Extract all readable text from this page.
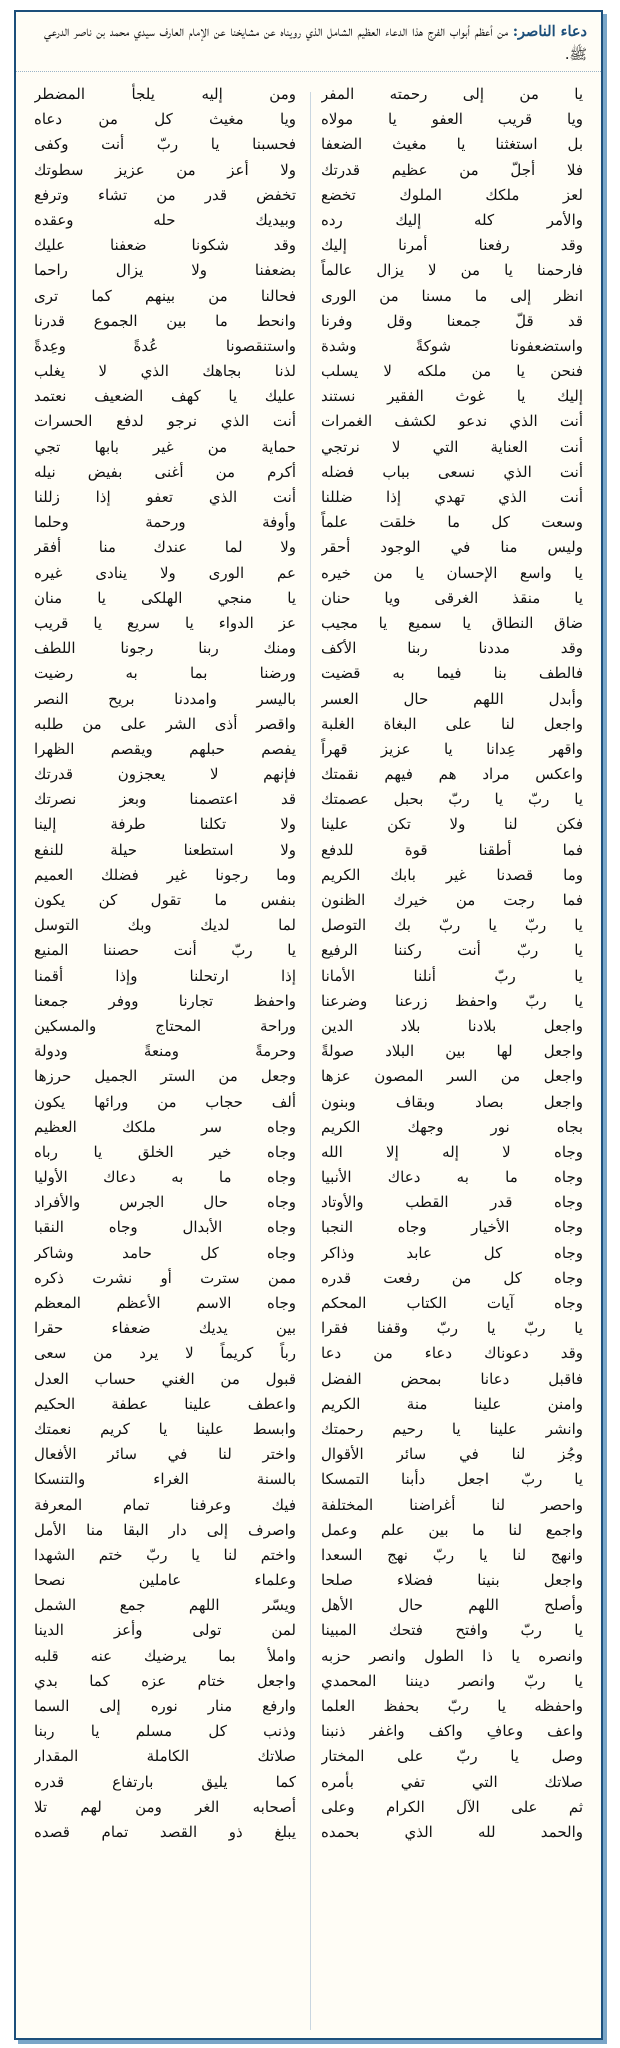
دعاء الناصر: من أعظم أبواب الفرج هذا الدعاء العظيم الشامل الذي رويناه عن مشايخنا عن الإمام العارف سيدي محمد بن ناصر الدرعي ﷺ.
يا من إلى رحمته المفر
ويا قريب العفو يا مولاه
بل استغثنا يا مغيث الضعفا
فلا أجلّ من عظيم قدرتك
لعز ملكك الملوك تخضع
والأمر كله إليك رده
وقد رفعنا أمرنا إليك
فارحمنا يا من لا يزال عالماً
انظر إلى ما مسنا من الورى
قد قلّ جمعنا وقل وفرنا
واستضعفونا شوكةً وشدة
فنحن يا من ملكه لا يسلب
إليك يا غوث الفقير نستند
أنت الذي ندعو لكشف الغمرات
أنت العناية التي لا نرتجي
أنت الذي نسعى بباب فضله
أنت الذي تهدي إذا ضللنا
وسعت كل ما خلقت علماً
وليس منا في الوجود أحقر
يا واسع الإحسان يا من خيره
يا منقذ الغرقى ويا حنان
ضاق النطاق يا سميع يا مجيب
وقد مددنا ربنا الأكف
فالطف بنا فيما به قضيت
وأبدل اللهم حال العسر
واجعل لنا على البغاة الغلبة
واقهر عِدانا يا عزيز قهراً
واعكس مراد هم فيهم نقمتك
يا ربّ يا ربّ بحبل عصمتك
فكن لنا ولا تكن علينا
فما أطقنا قوة للدفع
وما قصدنا غير بابك الكريم
فما رجت من خيرك الظنون
يا ربّ يا ربّ بك التوصل
يا ربّ أنت ركننا الرفيع
يا ربّ أنلنا الأمانا
يا ربّ واحفظ زرعنا وضرعنا
واجعل بلادنا بلاد الدين
واجعل لها بين البلاد صولةً
واجعل من السر المصون عزها
واجعل بصاد وبقاف وبنون
بجاه نور وجهك الكريم
وجاه لا إله إلا الله
وجاه ما به دعاك الأنبيا
وجاه قدر القطب والأوتاد
وجاه الأخيار وجاه النجبا
وجاه كل عابد وذاكر
وجاه كل من رفعت قدره
وجاه آيات الكتاب المحكم
يا ربّ يا ربّ وقفنا فقرا
وقد دعوناك دعاء من دعا
فاقبل دعانا بمحض الفضل
وامنن علينا منة الكريم
وانشر علينا يا رحيم رحمتك
وجُز لنا في سائر الأقوال
يا ربّ اجعل دأبنا التمسكا
واحصر لنا أغراضنا المختلفة
واجمع لنا ما بين علم وعمل
وانهج لنا يا ربّ نهج السعدا
واجعل بنينا فضلاء صلحا
وأصلح اللهم حال الأهل
يا ربّ وافتح فتحك المبينا
وانصره يا ذا الطول وانصر حزبه
يا ربّ وانصر ديننا المحمدي
واحفظه يا ربّ بحفظ العلما
واعف وعافِ واكف واغفر ذنبنا
وصل يا ربّ على المختار
صلاتك التي تفي بأمره
ثم على الآل الكرام وعلى
والحمد لله الذي بحمده
ومن إليه يلجأ المضطر
ويا مغيث كل من دعاه
فحسبنا يا ربّ أنت وكفى
ولا أعز من عزيز سطوتك
تخفض قدر من تشاء وترفع
وبيديك حله وعقده
وقد شكونا ضعفنا عليك
بضعفنا ولا يزال راحما
فحالنا من بينهم كما ترى
وانحط ما بين الجموع قدرنا
واستنقصونا عُدةً وعِدةً
لذنا بجاهك الذي لا يغلب
عليك يا كهف الضعيف نعتمد
أنت الذي نرجو لدفع الحسرات
حماية من غير بابها تجي
أكرم من أغنى بفيض نيله
أنت الذي تعفو إذا زللنا
وأوفة ورحمة وحلما
ولا لما عندك منا أفقر
عم الورى ولا ينادى غيره
يا منجي الهلكى يا منان
عز الدواء يا سريع يا قريب
ومنك ربنا رجونا اللطف
ورضنا بما به رضيت
باليسر وامددنا بريح النصر
واقصر أذى الشر على من طلبه
يفصم حبلهم ويقصم الظهرا
فإنهم لا يعجزون قدرتك
قد اعتصمنا وبعز نصرتك
ولا تكلنا طرفة إلينا
ولا استطعنا حيلة للنفع
وما رجونا غير فضلك العميم
بنفس ما تقول كن يكون
لما لديك وبك التوسل
يا ربّ أنت حصننا المنيع
إذا ارتحلنا وإذا أقمنا
واحفظ تجارنا ووفر جمعنا
وراحة المحتاج والمسكين
وحرمةً ومنعةً ودولة
وجعل من الستر الجميل حرزها
ألف حجاب من ورائها يكون
وجاه سر ملكك العظيم
وجاه خير الخلق يا رباه
وجاه ما به دعاك الأوليا
وجاه حال الجرس والأفراد
وجاه الأبدال وجاه النقبا
وجاه كل حامد وشاكر
ممن سترت أو نشرت ذكره
وجاه الاسم الأعظم المعظم
بين يديك ضعفاء حقرا
رباً كريماً لا يرد من سعى
قبول من الغني حساب العدل
واعطف علينا عطفة الحكيم
وابسط علينا يا كريم نعمتك
واختر لنا في سائر الأفعال
بالسنة الغراء والتنسكا
فيك وعرفنا تمام المعرفة
واصرف إلى دار البقا منا الأمل
واختم لنا يا ربّ ختم الشهدا
وعلماء عاملين نصحا
ويسّر اللهم جمع الشمل
لمن تولى وأعز الدينا
واملأ بما يرضيك عنه قلبه
واجعل ختام عزه كما بدي
وارفع منار نوره إلى السما
وذنب كل مسلم يا ربنا
صلاتك الكاملة المقدار
كما يليق بارتفاع قدره
أصحابه الغر ومن لهم تلا
يبلغ ذو القصد تمام قصده
